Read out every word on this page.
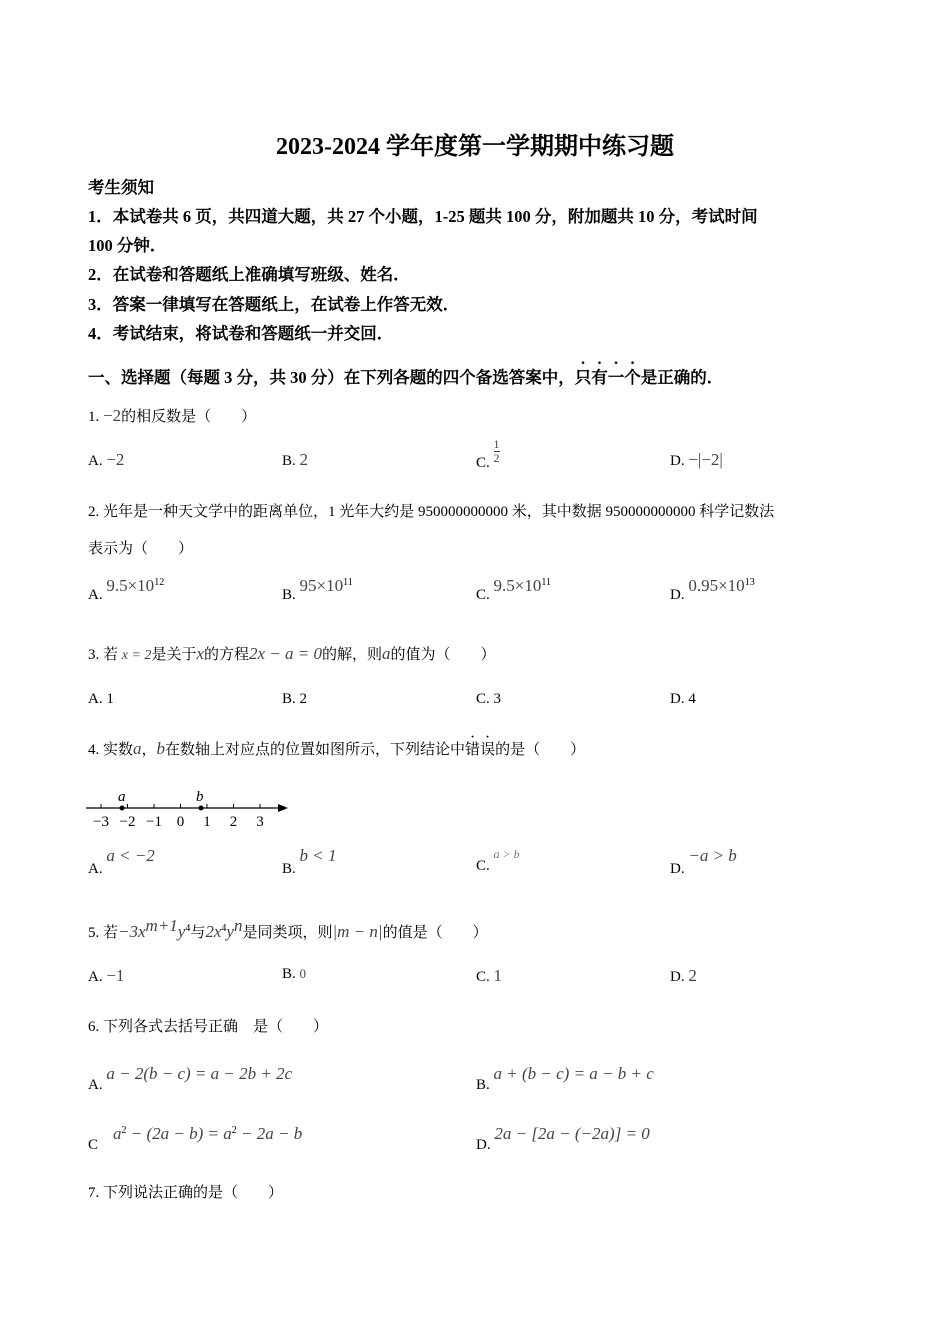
2023-2024 学年度第一学期期中练习题
考生须知
1．本试卷共 6 页，共四道大题，共 27 个小题，1-25 题共 100 分，附加题共 10 分，考试时间
100 分钟．
2．在试卷和答题纸上准确填写班级、姓名．
3．答案一律填写在答题纸上，在试卷上作答无效．
4．考试结束，将试卷和答题纸一并交回．
一、选择题（每题 3 分，共 30 分）在下列各题的四个备选答案中，只有一个是正确的．
1. −2的相反数是（　　）
A. −2	B. 2	C. $\frac{1}{2}$	D. −|−2|
2. 光年是一种天文学中的距离单位，1 光年大约是 950000000000 米，其中数据 950000000000 科学记数法
表示为（　　）
A. $9.5\times 10^{12}$
B. $95\times 10^{11}$
C. $9.5\times 10^{11}$
D. $0.95\times 10^{13}$
3. 若 x = 2是关于x的方程2x − a = 0的解，则a的值为（　　）
A. 1	B. 2	C. 3	D. 4
4. 实数a，b在数轴上对应点的位置如图所示，下列结论中错误的是（　　）
a	b
−3 −2 −1 0 1 2 3
A. a < −2
B. b < 1
C. a > b
D. −a > b
5. 若$-3x^{m+1}y^4$与$2x^4y^n$是同类项，则|m − n|的值是（　　）
A. −1	B. 0	C. 1	D. 2
6. 下列各式去括号正确　是（　　）
A. a − 2(b − c) = a − 2b + 2c
B. a + (b − c) = a − b + c
C    $a^2 - (2a - b) = a^2 - 2a - b$
D. 2a − [2a − (−2a)] = 0
7. 下列说法正确的是（　　）
